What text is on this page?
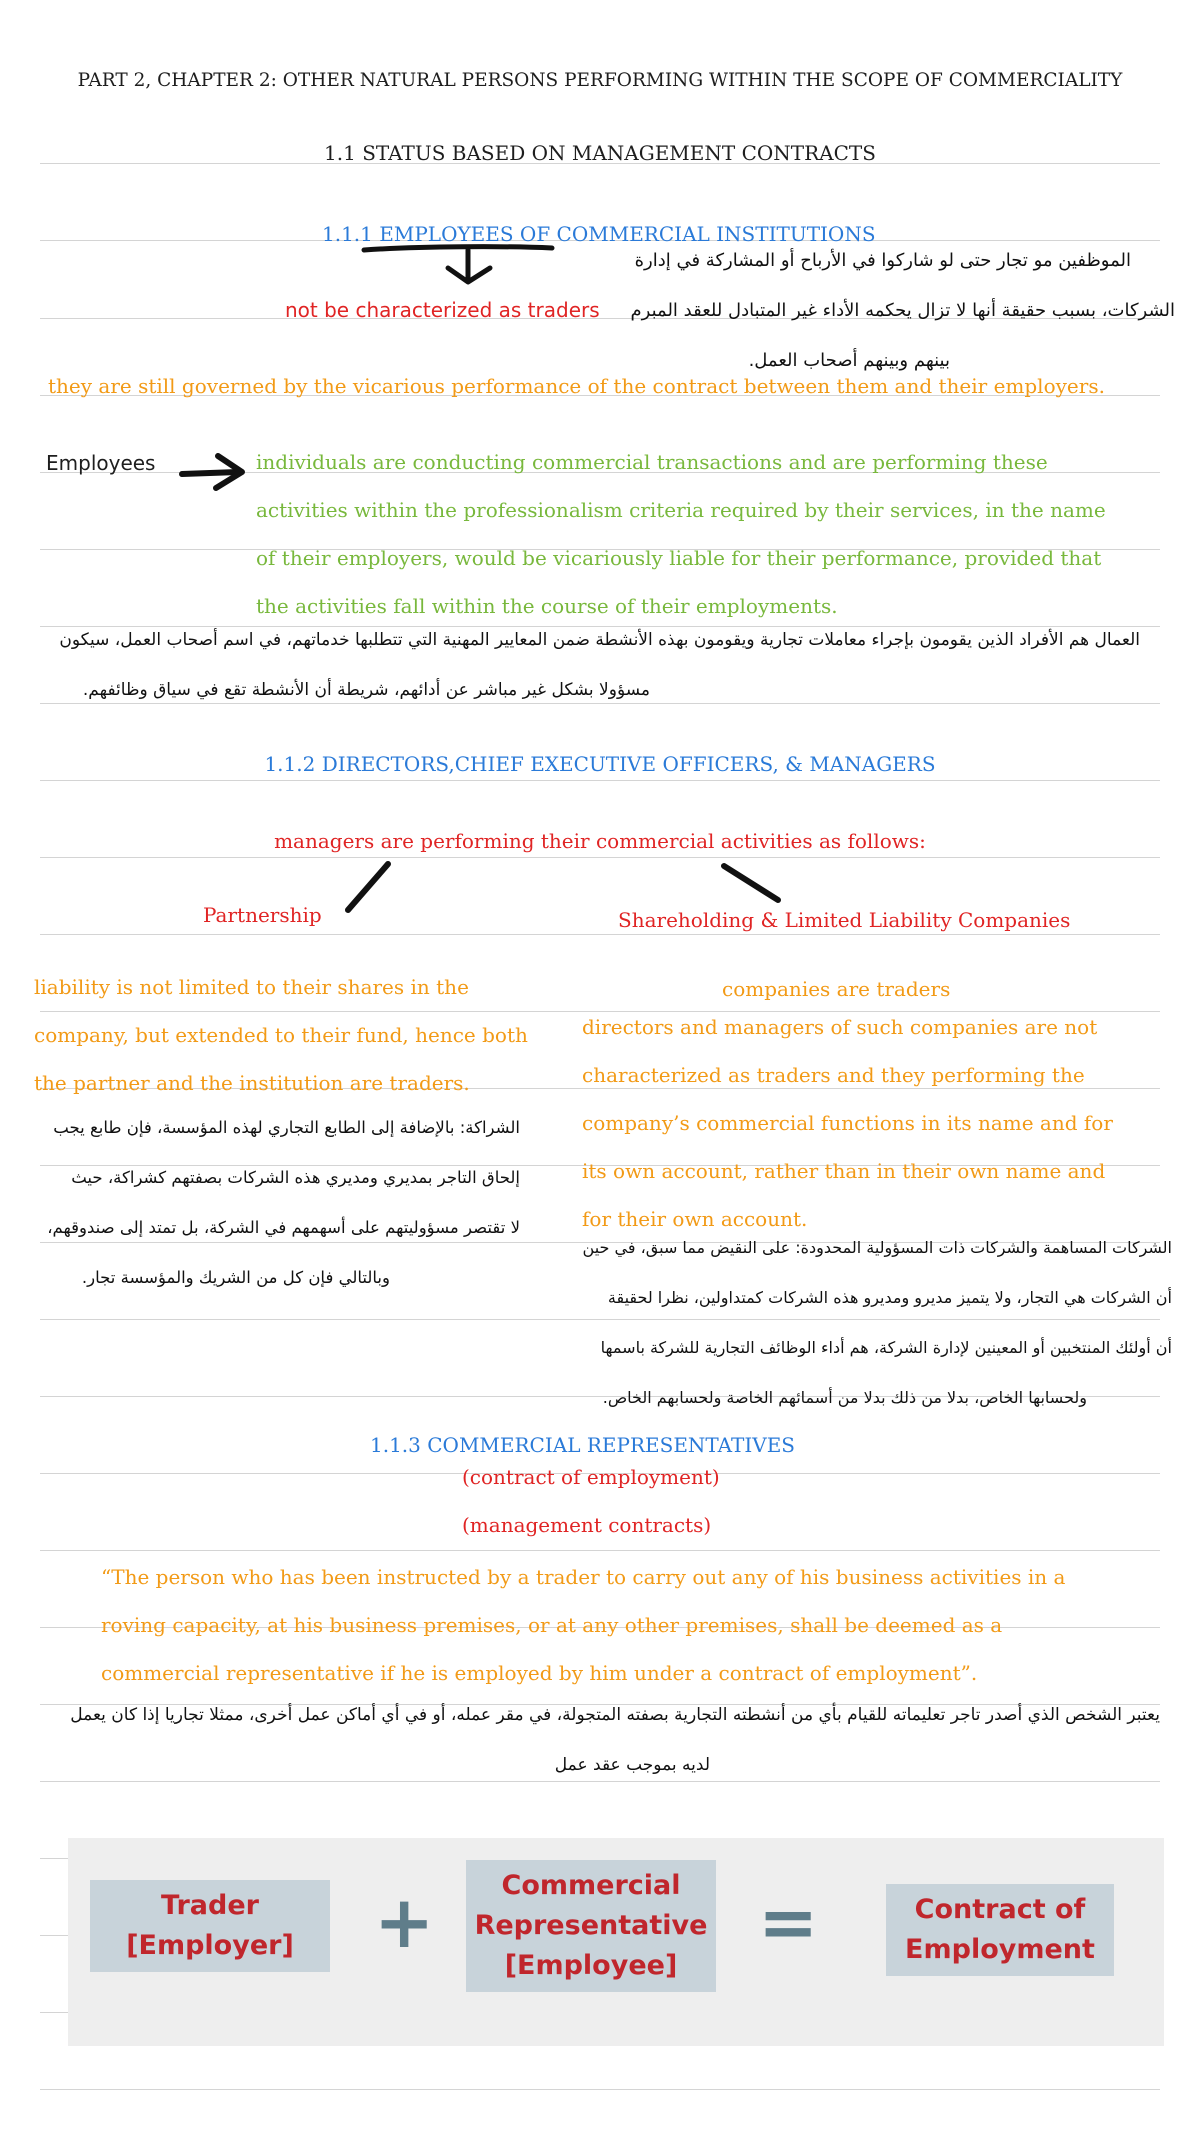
PART 2, CHAPTER 2: OTHER NATURAL PERSONS PERFORMING WITHIN THE SCOPE OF COMMERCIALITY

1.1 STATUS BASED ON MANAGEMENT CONTRACTS

1.1.1 EMPLOYEES OF COMMERCIAL INSTITUTIONS

not be characterized as traders

الموظفين مو تجار حتى لو شاركوا في الأرباح أو المشاركة في إدارة

الشركات، بسبب حقيقة أنها لا تزال يحكمه الأداء غير المتبادل للعقد المبرم

بينهم وبينهم أصحاب العمل.

they are still governed by the vicarious performance of the contract between them and their employers.

Employees	individuals are conducting commercial transactions and are performing these

activities within the professionalism criteria required by their services, in the name

of their employers, would be vicariously liable for their performance, provided that

the activities fall within the course of their employments.

العمال هم الأفراد الذين يقومون بإجراء معاملات تجارية ويقومون بهذه الأنشطة ضمن المعايير المهنية التي تتطلبها خدماتهم، في اسم أصحاب العمل، سيكون

مسؤولا بشكل غير مباشر عن أدائهم، شريطة أن الأنشطة تقع في سياق وظائفهم.

1.1.2 DIRECTORS,CHIEF EXECUTIVE OFFICERS, & MANAGERS

managers are performing their commercial activities as follows:

Partnership	Shareholding & Limited Liability Companies

liability is not limited to their shares in the

company, but extended to their fund, hence both

the partner and the institution are traders.

companies are traders

directors and managers of such companies are not

characterized as traders and they performing the

company’s commercial functions in its name and for

its own account, rather than in their own name and

for their own account.

الشراكة: بالإضافة إلى الطابع التجاري لهذه المؤسسة، فإن طابع يجب

إلحاق التاجر بمديري ومديري هذه الشركات بصفتهم كشراكة، حيث

لا تقتصر مسؤوليتهم على أسهمهم في الشركة، بل تمتد إلى صندوقهم،

وبالتالي فإن كل من الشريك والمؤسسة تجار.

الشركات المساهمة والشركات ذات المسؤولية المحدودة: على النقيض مما سبق، في حين

أن الشركات هي التجار، ولا يتميز مديرو ومديرو هذه الشركات كمتداولين، نظرا لحقيقة

أن أولئك المنتخبين أو المعينين لإدارة الشركة، هم أداء الوظائف التجارية للشركة باسمها

ولحسابها الخاص، بدلا من ذلك بدلا من أسمائهم الخاصة ولحسابهم الخاص.

1.1.3 COMMERCIAL REPRESENTATIVES

(contract of employment)

(management contracts)

“The person who has been instructed by a trader to carry out any of his business activities in a

roving capacity, at his business premises, or at any other premises, shall be deemed as a

commercial representative if he is employed by him under a contract of employment”.

يعتبر الشخص الذي أصدر تاجر تعليماته للقيام بأي من أنشطته التجارية بصفته المتجولة، في مقر عمله، أو في أي أماكن عمل أخرى، ممثلا تجاريا إذا كان يعمل

لديه بموجب عقد عمل

Trader
[Employer] +	Commercial
Representative
[Employee]
=	Contract of
Employment
